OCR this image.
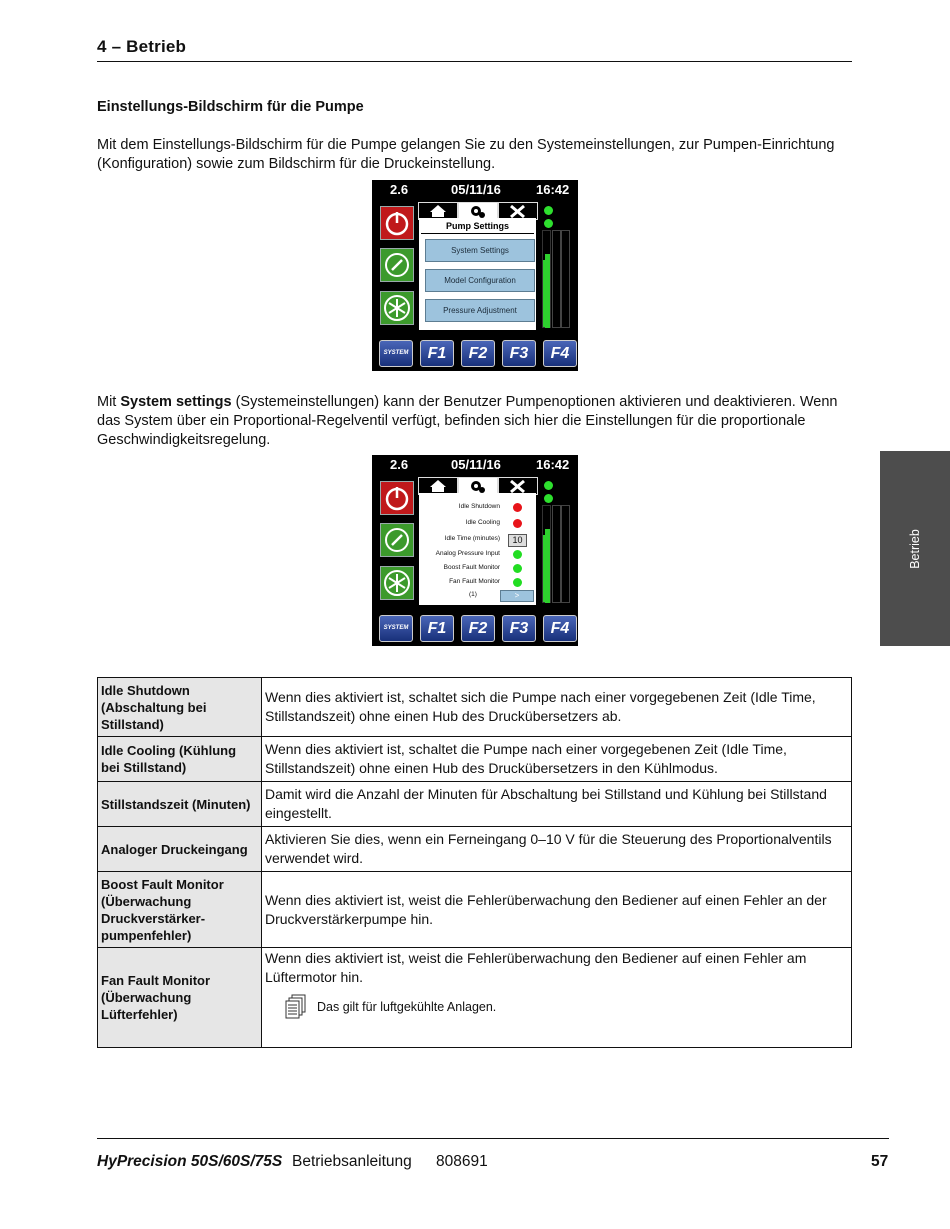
4 – Betrieb
Einstellungs-Bildschirm für die Pumpe
Mit dem Einstellungs-Bildschirm für die Pumpe gelangen Sie zu den Systemeinstellungen, zur Pumpen-Einrichtung (Konfiguration) sowie zum Bildschirm für die Druckeinstellung.
2.6	05/11/16	16:42
Pump Settings
System Settings
Model Configuration
Pressure Adjustment
SYSTEM	F1	F2	F3	F4
Mit System settings (Systemeinstellungen) kann der Benutzer Pumpenoptionen aktivieren und deaktivieren. Wenn das System über ein Proportional-Regelventil verfügt, befinden sich hier die Einstellungen für die proportionale Geschwindigkeitsregelung.
2.6	05/11/16	16:42
Idle Shutdown
Idle Cooling
Idle Time (minutes)	10
Analog Pressure Input
Boost Fault Monitor
Fan Fault Monitor
(1)	>
SYSTEM	F1	F2	F3	F4
Betrieb
Idle Shutdown (Abschaltung bei Stillstand)	Wenn dies aktiviert ist, schaltet sich die Pumpe nach einer vorgegebenen Zeit (Idle Time, Stillstandszeit) ohne einen Hub des Druckübersetzers ab.
Idle Cooling (Kühlung bei Stillstand)	Wenn dies aktiviert ist, schaltet die Pumpe nach einer vorgegebenen Zeit (Idle Time, Stillstandszeit) ohne einen Hub des Druckübersetzers in den Kühlmodus.
Stillstandszeit (Minuten)	Damit wird die Anzahl der Minuten für Abschaltung bei Stillstand und Kühlung bei Stillstand eingestellt.
Analoger Druckeingang	Aktivieren Sie dies, wenn ein Ferneingang 0–10 V für die Steuerung des Proportionalventils verwendet wird.
Boost Fault Monitor (Überwachung Druckverstärker-pumpenfehler)	Wenn dies aktiviert ist, weist die Fehlerüberwachung den Bediener auf einen Fehler an der Druckverstärkerpumpe hin.
Fan Fault Monitor (Überwachung Lüfterfehler)	Wenn dies aktiviert ist, weist die Fehlerüberwachung den Bediener auf einen Fehler am Lüftermotor hin.
Das gilt für luftgekühlte Anlagen.
HyPrecision 50S/60S/75S Betriebsanleitung 808691	57
